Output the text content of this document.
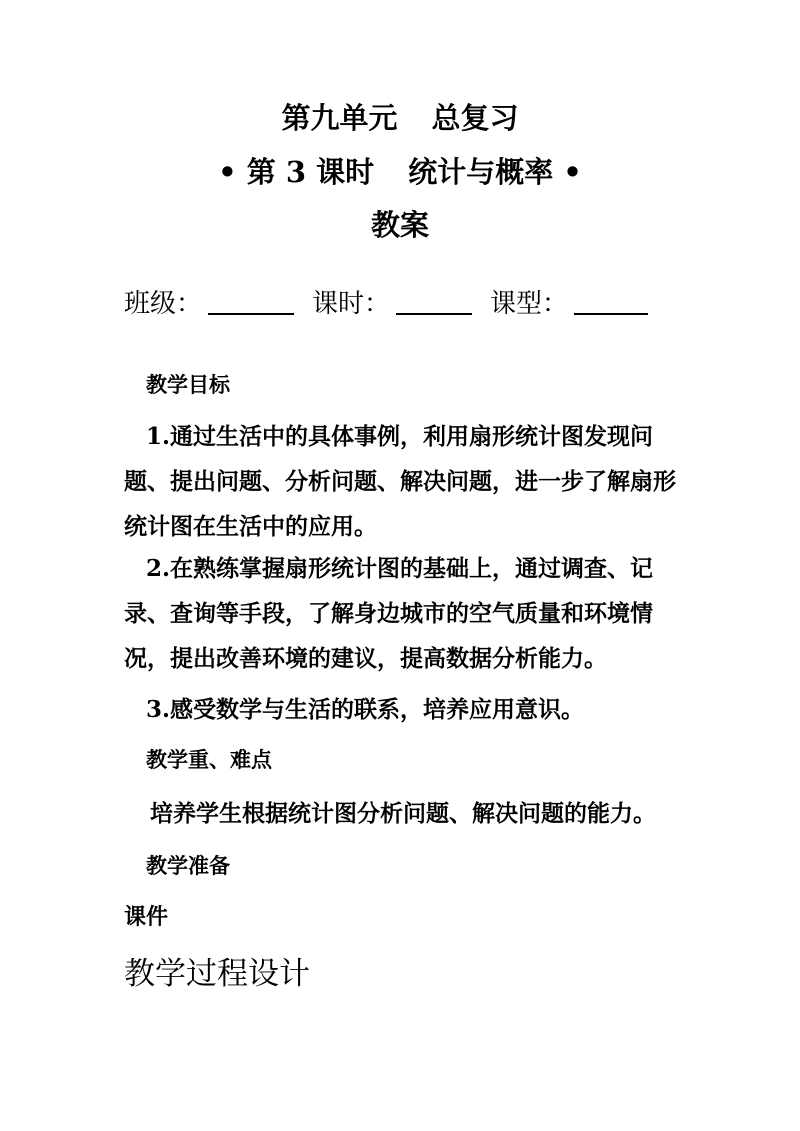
第九单元 总复习
• 第 3 课时 统计与概率 •
教案
班级：	课时：	课型：
教学目标
1.通过生活中的具体事例，利用扇形统计图发现问题、提出问题、分析问题、解决问题，进一步了解扇形统计图在生活中的应用。
2.在熟练掌握扇形统计图的基础上，通过调查、记录、查询等手段，了解身边城市的空气质量和环境情况，提出改善环境的建议，提高数据分析能力。
3.感受数学与生活的联系，培养应用意识。
教学重、难点
培养学生根据统计图分析问题、解决问题的能力。
教学准备
课件
教学过程设计
